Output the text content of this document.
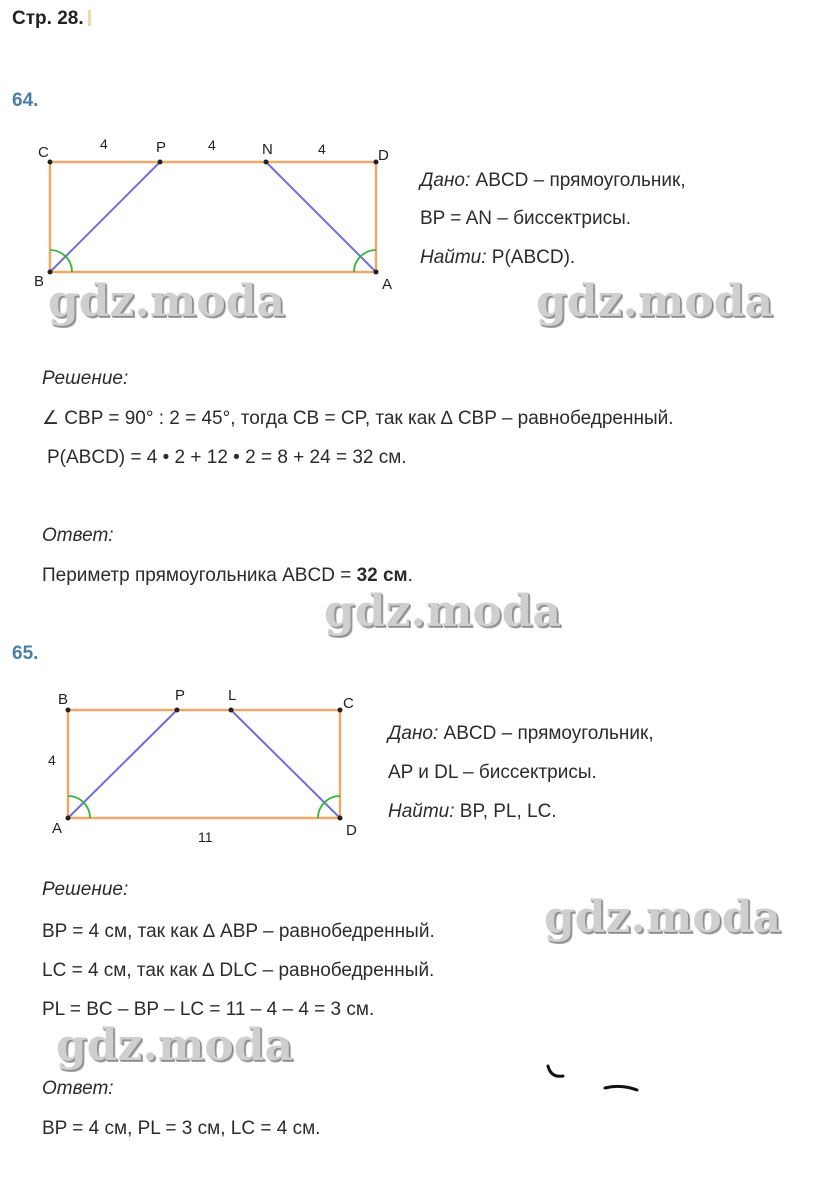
Стр. 28.
64.
C	P	N	D
B	A
4	4	4
Дано: ABCD – прямоугольник,
BP = AN – биссектрисы.
Найти: P(ABCD).
gdz.moda	gdz.moda
Решение:
∠ CBP = 90° : 2 = 45°, тогда CB = CP, так как ∆ CBP – равнобедренный.
P(ABCD) = 4 • 2 + 12 • 2 = 8 + 24 = 32 см.
Ответ:
Периметр прямоугольника ABCD = 32 см.
gdz.moda
65.
B	P	L	C
A	D
4
11
Дано: ABCD – прямоугольник,
AP и DL – биссектрисы.
Найти: BP, PL, LC.
Решение:
BP = 4 см, так как ∆ ABP – равнобедренный.
LC = 4 см, так как ∆ DLC – равнобедренный.
PL = BC – BP – LC = 11 – 4 – 4 = 3 см.
gdz.moda
gdz.moda
Ответ:
BP = 4 см, PL = 3 см, LC = 4 см.
